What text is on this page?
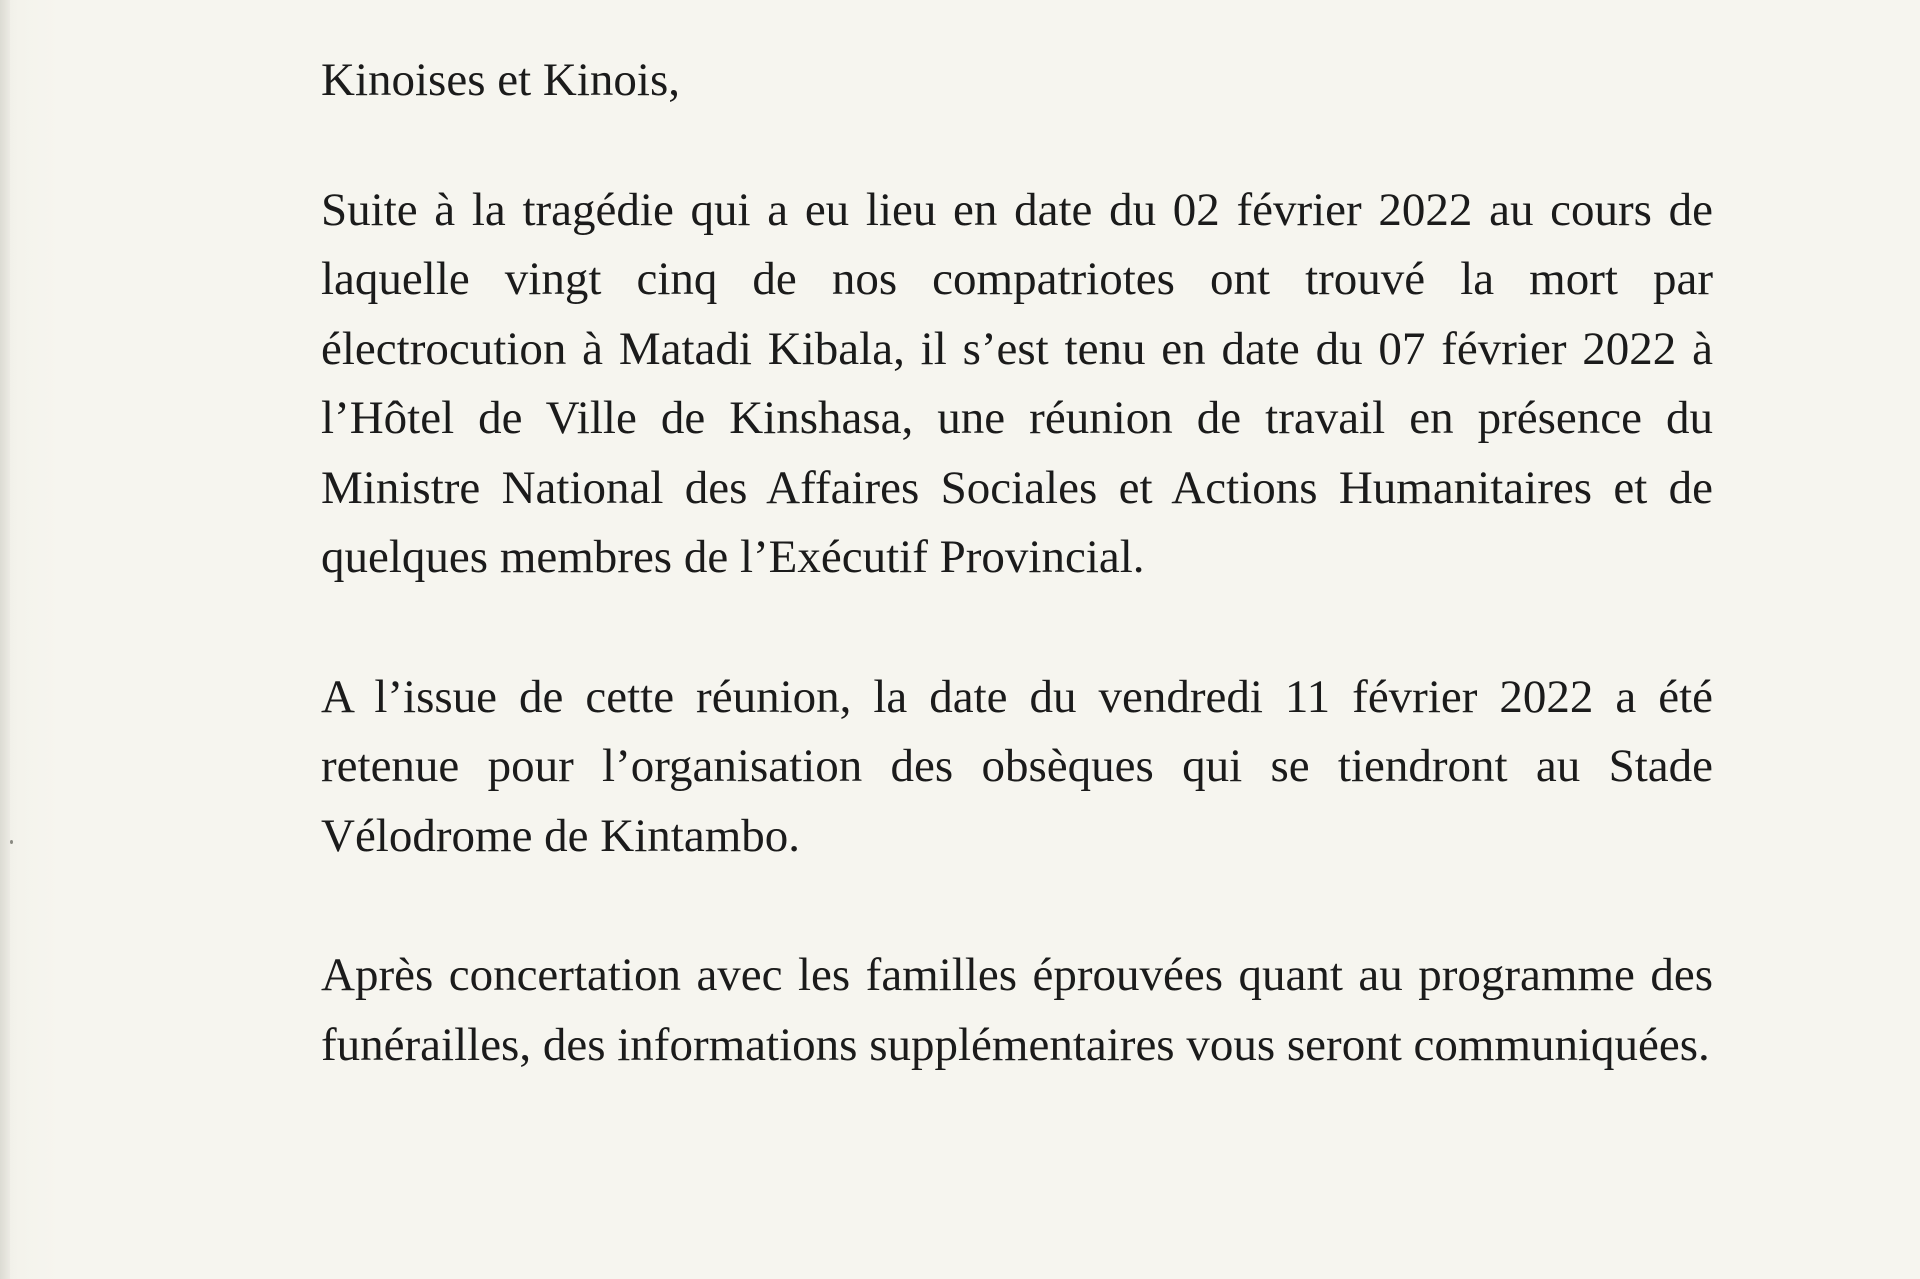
Kinoises et Kinois,

Suite à la tragédie qui a eu lieu en date du 02 février 2022 au cours de laquelle vingt cinq de nos compatriotes ont trouvé la mort par électrocution à Matadi Kibala, il s’est tenu en date du 07 février 2022 à l’Hôtel de Ville de Kinshasa, une réunion de travail en présence du Ministre National des Affaires Sociales et Actions Humanitaires et de quelques membres de l’Exécutif Provincial.

A l’issue de cette réunion, la date du vendredi 11 février 2022 a été retenue pour l’organisation des obsèques qui se tiendront au Stade Vélodrome de Kintambo.

Après concertation avec les familles éprouvées quant au programme des funérailles, des informations supplémentaires vous seront communiquées.
